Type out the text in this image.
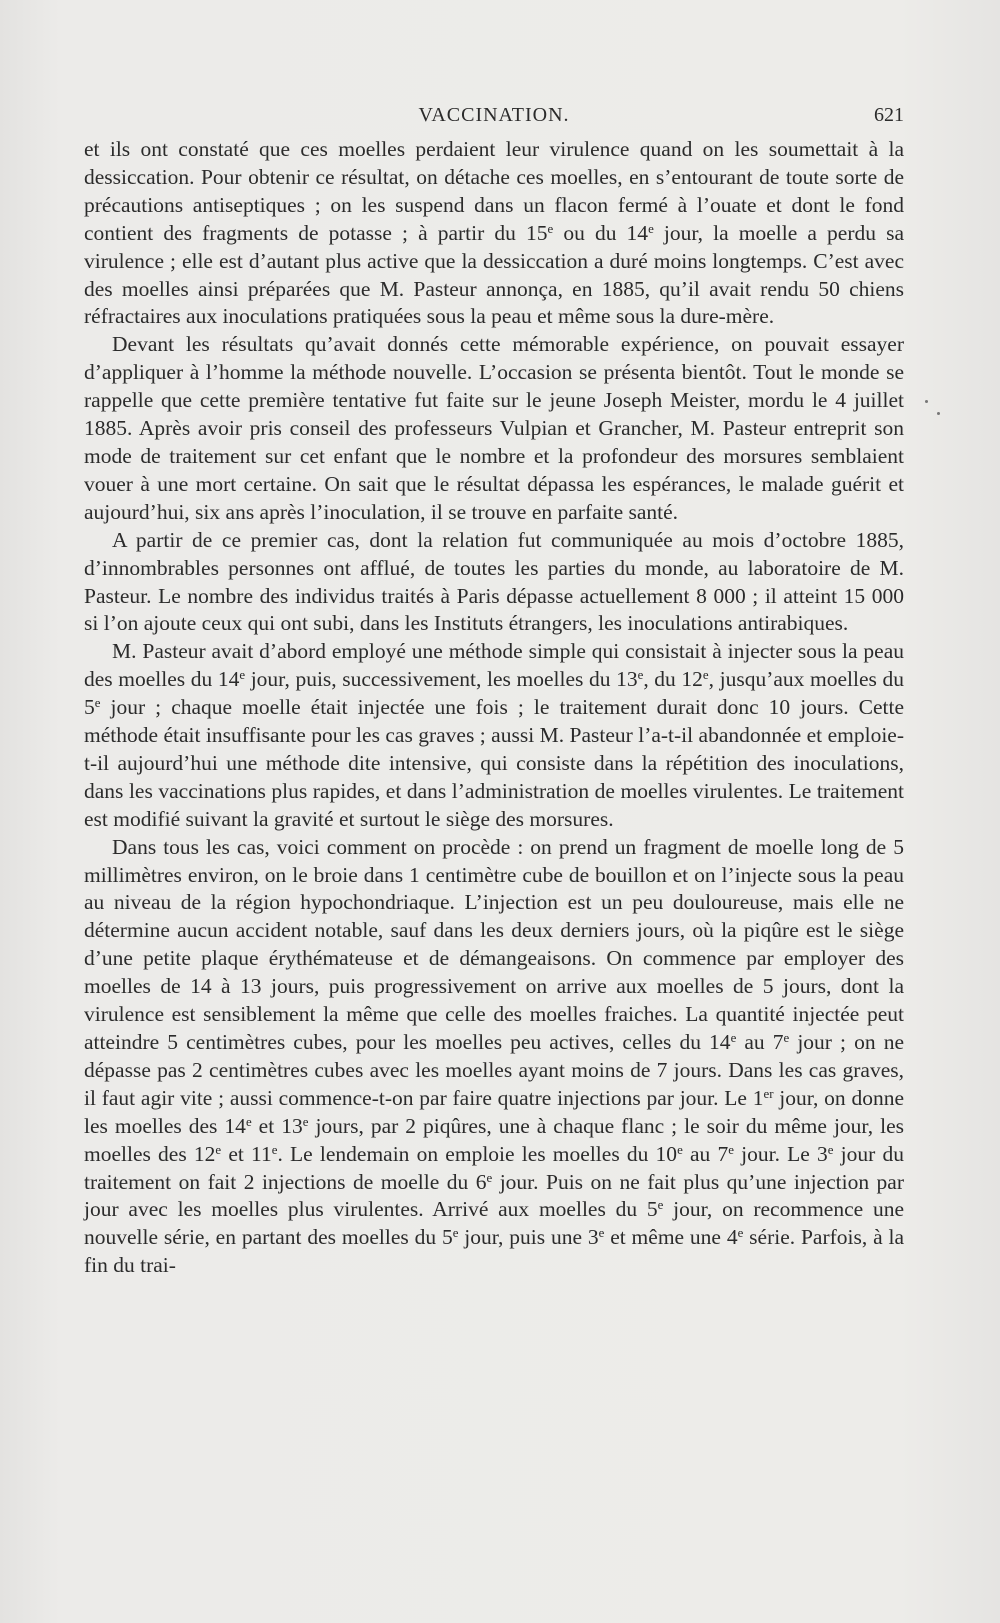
VACCINATION.	621

et ils ont constaté que ces moelles perdaient leur virulence quand on les soumettait à la dessiccation. Pour obtenir ce résultat, on détache ces moelles, en s’entourant de toute sorte de précautions antiseptiques ; on les suspend dans un flacon fermé à l’ouate et dont le fond contient des fragments de potasse ; à partir du 15e ou du 14e jour, la moelle a perdu sa virulence ; elle est d’autant plus active que la dessiccation a duré moins longtemps. C’est avec des moelles ainsi préparées que M. Pasteur annonça, en 1885, qu’il avait rendu 50 chiens réfractaires aux inoculations pratiquées sous la peau et même sous la dure-mère.

Devant les résultats qu’avait donnés cette mémorable expérience, on pouvait essayer d’appliquer à l’homme la méthode nouvelle. L’occasion se présenta bientôt. Tout le monde se rappelle que cette première tentative fut faite sur le jeune Joseph Meister, mordu le 4 juillet 1885. Après avoir pris conseil des professeurs Vulpian et Grancher, M. Pasteur entreprit son mode de traitement sur cet enfant que le nombre et la profondeur des morsures semblaient vouer à une mort certaine. On sait que le résultat dépassa les espérances, le malade guérit et aujourd’hui, six ans après l’inoculation, il se trouve en parfaite santé.

A partir de ce premier cas, dont la relation fut communiquée au mois d’octobre 1885, d’innombrables personnes ont afflué, de toutes les parties du monde, au laboratoire de M. Pasteur. Le nombre des individus traités à Paris dépasse actuellement 8 000 ; il atteint 15 000 si l’on ajoute ceux qui ont subi, dans les Instituts étrangers, les inoculations antirabiques.

M. Pasteur avait d’abord employé une méthode simple qui consistait à injecter sous la peau des moelles du 14e jour, puis, successivement, les moelles du 13e, du 12e, jusqu’aux moelles du 5e jour ; chaque moelle était injectée une fois ; le traitement durait donc 10 jours. Cette méthode était insuffisante pour les cas graves ; aussi M. Pasteur l’a-t-il abandonnée et emploie-t-il aujourd’hui une méthode dite intensive, qui consiste dans la répétition des inoculations, dans les vaccinations plus rapides, et dans l’administration de moelles virulentes. Le traitement est modifié suivant la gravité et surtout le siège des morsures.

Dans tous les cas, voici comment on procède : on prend un fragment de moelle long de 5 millimètres environ, on le broie dans 1 centimètre cube de bouillon et on l’injecte sous la peau au niveau de la région hypochondriaque. L’injection est un peu douloureuse, mais elle ne détermine aucun accident notable, sauf dans les deux derniers jours, où la piqûre est le siège d’une petite plaque érythémateuse et de démangeaisons. On commence par employer des moelles de 14 à 13 jours, puis progressivement on arrive aux moelles de 5 jours, dont la virulence est sensiblement la même que celle des moelles fraiches. La quantité injectée peut atteindre 5 centimètres cubes, pour les moelles peu actives, celles du 14e au 7e jour ; on ne dépasse pas 2 centimètres cubes avec les moelles ayant moins de 7 jours. Dans les cas graves, il faut agir vite ; aussi commence-t-on par faire quatre injections par jour. Le 1er jour, on donne les moelles des 14e et 13e jours, par 2 piqûres, une à chaque flanc ; le soir du même jour, les moelles des 12e et 11e. Le lendemain on emploie les moelles du 10e au 7e jour. Le 3e jour du traitement on fait 2 injections de moelle du 6e jour. Puis on ne fait plus qu’une injection par jour avec les moelles plus virulentes. Arrivé aux moelles du 5e jour, on recommence une nouvelle série, en partant des moelles du 5e jour, puis une 3e et même une 4e série. Parfois, à la fin du trai-
